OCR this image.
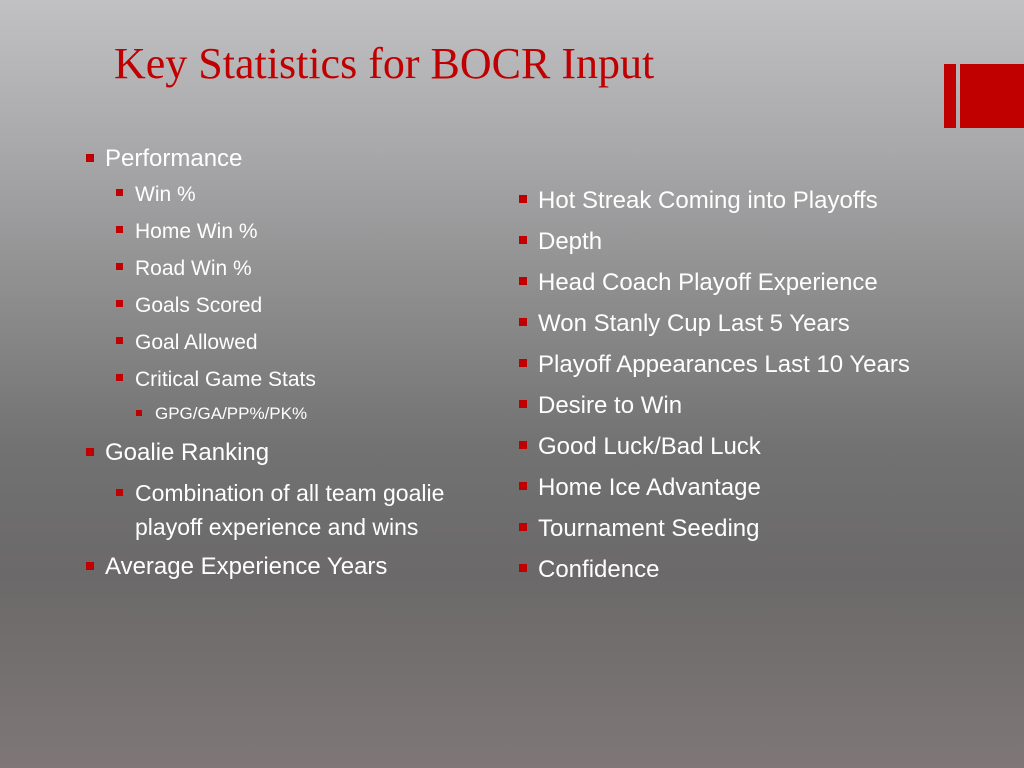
Key Statistics for BOCR Input
Performance
Win %
Home Win %
Road Win %
Goals Scored
Goal Allowed
Critical Game Stats
GPG/GA/PP%/PK%
Goalie Ranking
Combination of all team goalie playoff experience and wins
Average Experience Years
Hot Streak Coming into Playoffs
Depth
Head Coach Playoff Experience
Won Stanly Cup Last 5 Years
Playoff Appearances Last 10 Years
Desire to Win
Good Luck/Bad Luck
Home Ice Advantage
Tournament Seeding
Confidence
